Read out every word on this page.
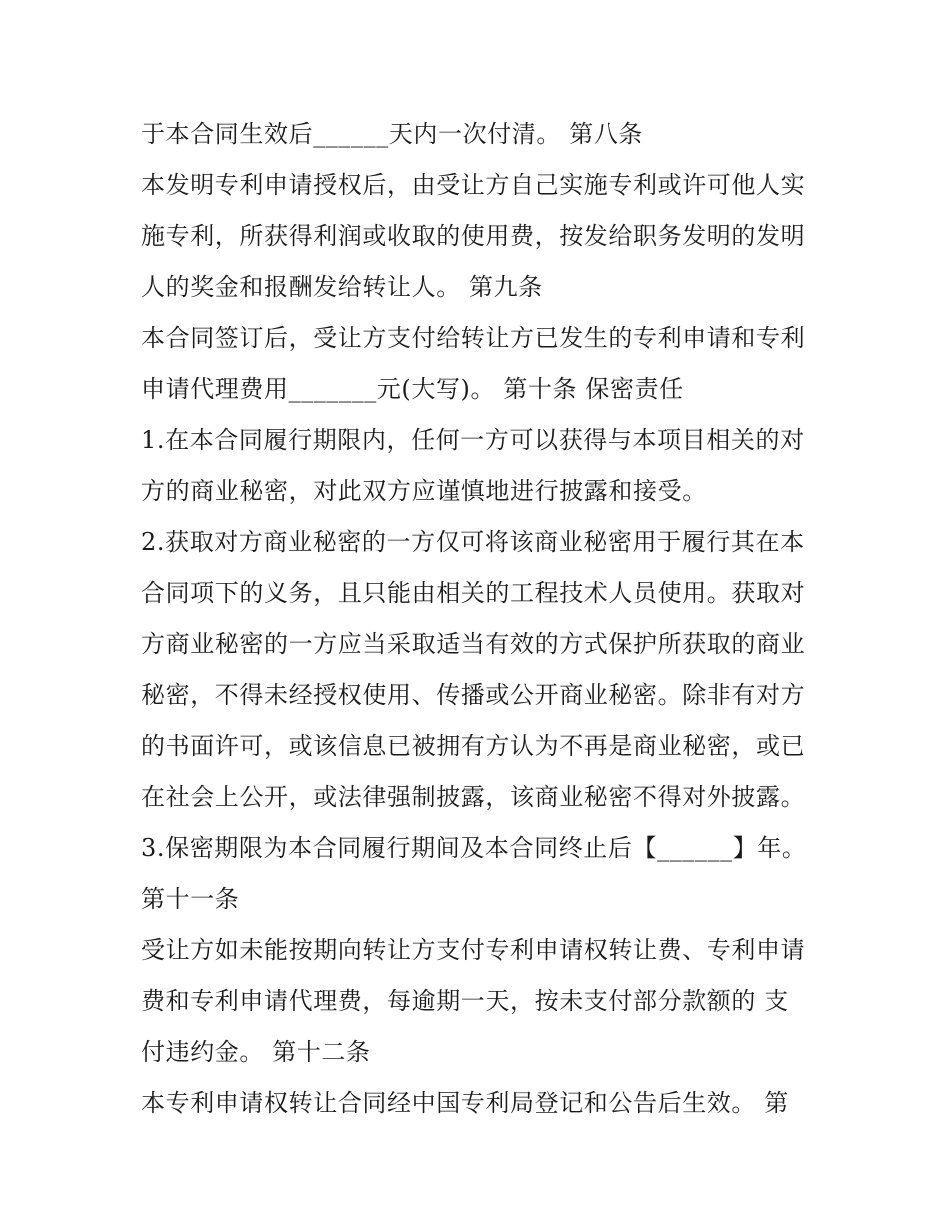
于本合同生效后______天内一次付清。 第八条
本发明专利申请授权后，由受让方自己实施专利或许可他人实
施专利，所获得利润或收取的使用费，按发给职务发明的发明
人的奖金和报酬发给转让人。 第九条
本合同签订后，受让方支付给转让方已发生的专利申请和专利
申请代理费用_______元(大写)。 第十条 保密责任
1.在本合同履行期限内，任何一方可以获得与本项目相关的对
方的商业秘密，对此双方应谨慎地进行披露和接受。
2.获取对方商业秘密的一方仅可将该商业秘密用于履行其在本
合同项下的义务，且只能由相关的工程技术人员使用。获取对
方商业秘密的一方应当采取适当有效的方式保护所获取的商业
秘密，不得未经授权使用、传播或公开商业秘密。除非有对方
的书面许可，或该信息已被拥有方认为不再是商业秘密，或已
在社会上公开，或法律强制披露，该商业秘密不得对外披露。
3.保密期限为本合同履行期间及本合同终止后【______】年。
第十一条
受让方如未能按期向转让方支付专利申请权转让费、专利申请
费和专利申请代理费，每逾期一天，按未支付部分款额的 支
付违约金。 第十二条
本专利申请权转让合同经中国专利局登记和公告后生效。 第
